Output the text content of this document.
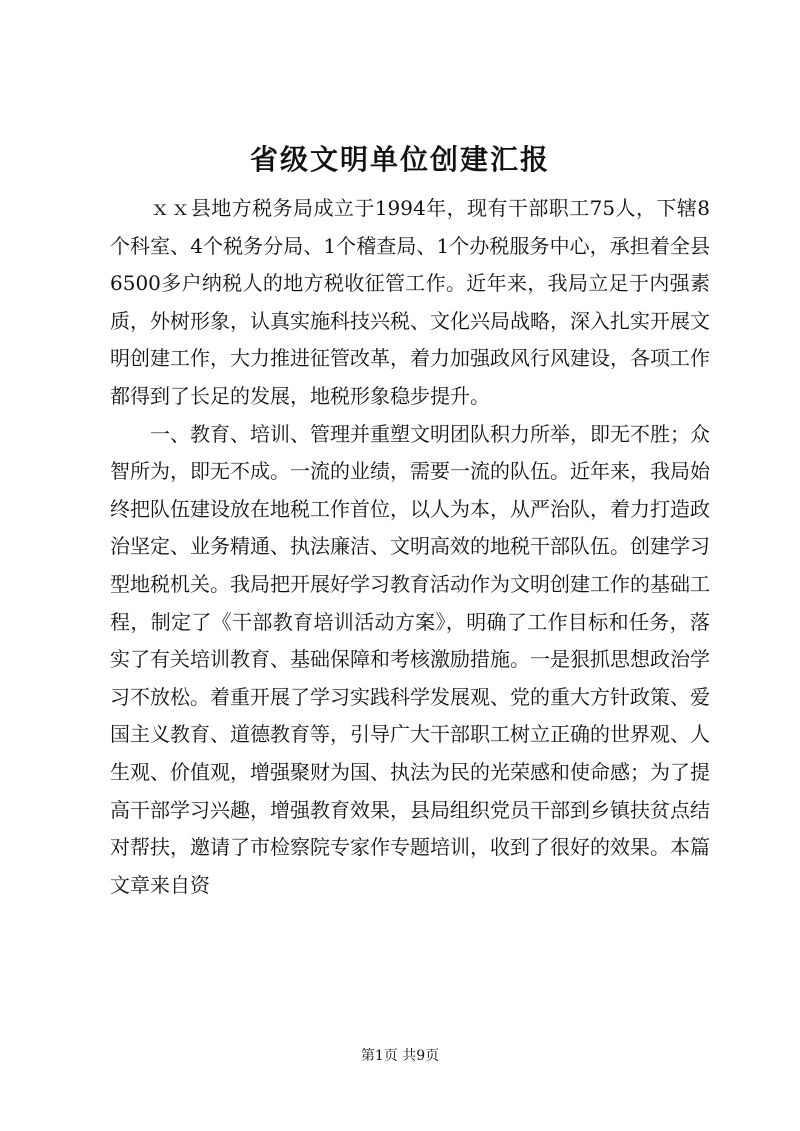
省级文明单位创建汇报

ｘｘ县地方税务局成立于1994年，现有干部职工75人，下辖8个科室、4个税务分局、1个稽查局、1个办税服务中心，承担着全县6500多户纳税人的地方税收征管工作。近年来，我局立足于内强素质，外树形象，认真实施科技兴税、文化兴局战略，深入扎实开展文明创建工作，大力推进征管改革，着力加强政风行风建设，各项工作都得到了长足的发展，地税形象稳步提升。

一、教育、培训、管理并重塑文明团队积力所举，即无不胜；众智所为，即无不成。一流的业绩，需要一流的队伍。近年来，我局始终把队伍建设放在地税工作首位，以人为本，从严治队，着力打造政治坚定、业务精通、执法廉洁、文明高效的地税干部队伍。创建学习型地税机关。我局把开展好学习教育活动作为文明创建工作的基础工程，制定了《干部教育培训活动方案》，明确了工作目标和任务，落实了有关培训教育、基础保障和考核激励措施。一是狠抓思想政治学习不放松。着重开展了学习实践科学发展观、党的重大方针政策、爱国主义教育、道德教育等，引导广大干部职工树立正确的世界观、人生观、价值观，增强聚财为国、执法为民的光荣感和使命感；为了提高干部学习兴趣，增强教育效果，县局组织党员干部到乡镇扶贫点结对帮扶，邀请了市检察院专家作专题培训，收到了很好的效果。本篇文章来自资

第1页 共9页
